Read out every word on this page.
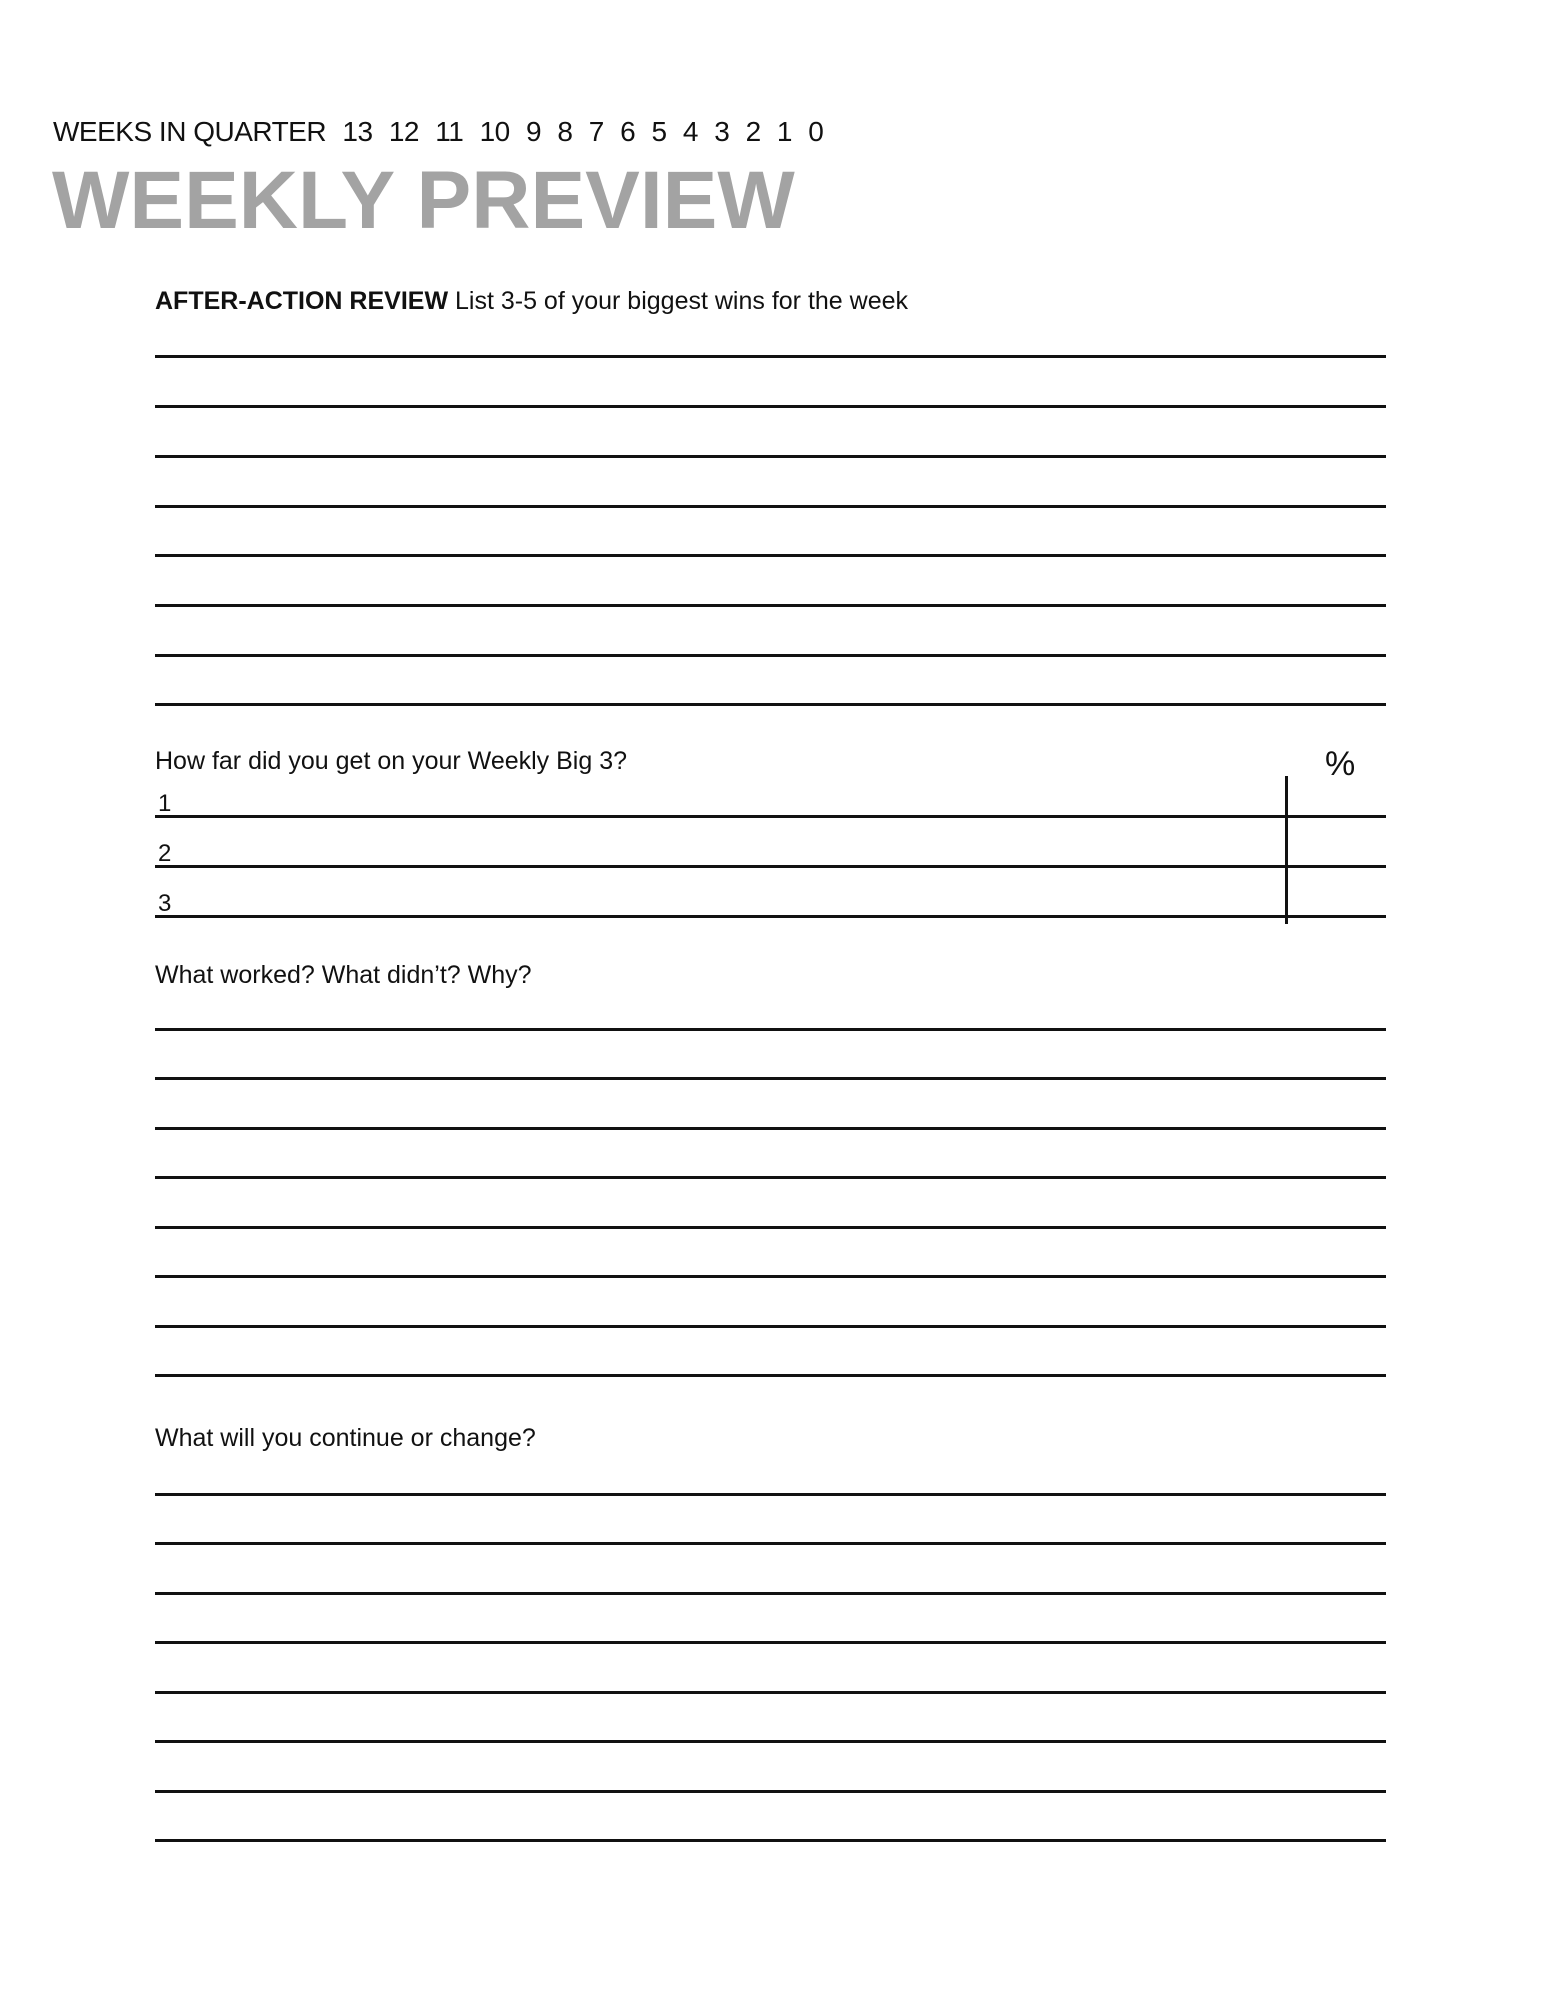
WEEKS IN QUARTER 13 12 11 10 9 8 7 6 5 4 3 2 1 0
WEEKLY PREVIEW
AFTER-ACTION REVIEW List 3-5 of your biggest wins for the week
How far did you get on your Weekly Big 3?	%
1
2
3
What worked? What didn’t? Why?
What will you continue or change?
